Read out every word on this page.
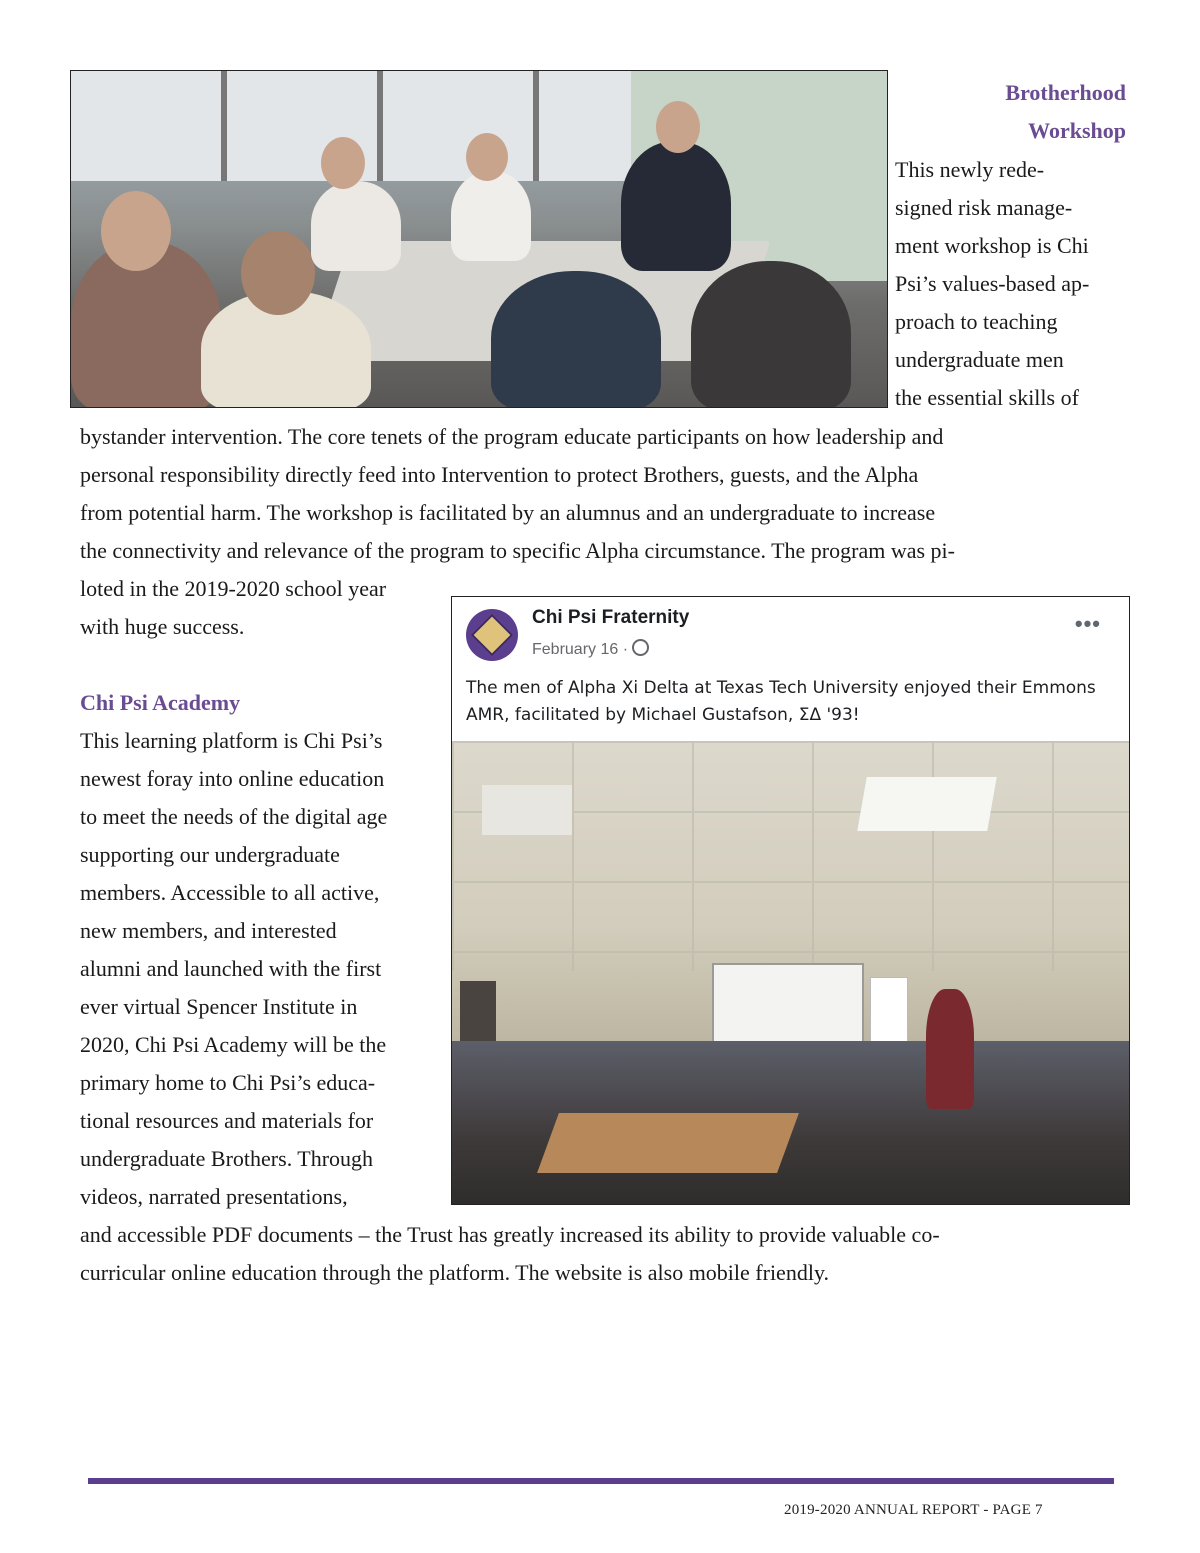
Brotherhood

Workshop

This newly rede-
signed risk manage-
ment workshop is Chi
Psi’s values-based ap-
proach to teaching
undergraduate men
the essential skills of
bystander intervention. The core tenets of the program educate participants on how leadership and
personal responsibility directly feed into Intervention to protect Brothers, guests, and the Alpha
from potential harm. The workshop is facilitated by an alumnus and an undergraduate to increase
the connectivity and relevance of the program to specific Alpha circumstance. The program was pi-
loted in the 2019-2020 school year
with huge success.

Chi Psi Academy

This learning platform is Chi Psi’s
newest foray into online education
to meet the needs of the digital age
supporting our undergraduate
members. Accessible to all active,
new members, and interested
alumni and launched with the first
ever virtual Spencer Institute in
2020, Chi Psi Academy will be the
primary home to Chi Psi’s educa-
tional resources and materials for
undergraduate Brothers. Through
videos, narrated presentations,
and accessible PDF documents – the Trust has greatly increased its ability to provide valuable co-
curricular online education through the platform. The website is also mobile friendly.
Chi Psi Fraternity
February 16 ·
•••

The men of Alpha Xi Delta at Texas Tech University enjoyed their Emmons AMR, facilitated by Michael Gustafson, ΣΔ '93!

2019-2020 ANNUAL REPORT - PAGE 7
